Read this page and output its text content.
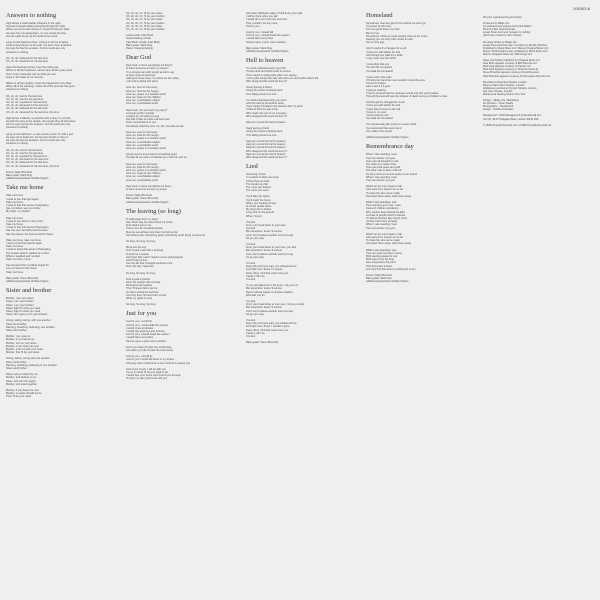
209303-6
Answers to nothing
High above a rollercoaster whispers in the night
Sounds of people talking sleeping through the night
Where we go we don't know, if I could I'd hold you back
He sees the sun going down, no one knows the time
Into the night we go as the world turns round
Lying on the bathroom floor, nothing to do but sit alone
Look at the pictures on the wall, I've seen them all before
He says he has the answers, but his words are only
Answers to nothing
Oh, oh, oh, believed for the last time
Oh, oh, oh, deserted for the last time
Hear the drowned sorrow, hear the rolling sea
Where is all the loneliness, where have all the years gone
Over in the crossroad, tell me what you see
Gone in the heart of our memory
Where is all the laughter, what has happened to the days
When all of the warnings, where all of the promise has gone
Answers to nothing
Oh, oh, oh, tied for the last time
Oh, oh, oh, tried for the last time
Oh, oh, oh, rejected for the last time
Oh, oh, oh, deceived for the last time
Oh, oh, oh, believed for the last time
Oh, oh, oh, deserted for the last time, this time
High above a hillside, a preacher tells a story to a crowd
He tells his story to the people, the people they all bow down
And he says he has the answers, but his words are only
Answers to nothing
Lying on the bathroom, a man comes on the TV with a gun
He says we're believers, but he lives his life on the run
He says he has the answers, but his words are only
Answers to nothing
Oh, oh, oh, tied for the last time
Oh, oh, oh, tried for the last time
Oh, oh, oh, rejected for the last time
Oh, oh, oh, deceived for the last time
Oh, oh, oh, believed for the last time
Oh, oh, oh, deserted for the last time, this time
Drums: Mark Brzezicki
Bass guitar: Mark King
Additional keyboards: Robbie Kilgore
Take me home
Take me home
I need to see that light again
Take me home
I need to feel that sense of belonging
See my father, see my mother
My sister, my brother
Take me home
I need to see where I came from
Take me home
I need to feel that sense of belonging
See the sea, the fields and the trees
See the places, the streets and the faces
Take me home, take me home
I want to feel that warmth again
Take me home
I need to know that sense of belonging
The streets where I walked as a child
Where I laughed and I smiled
Take me home, home
See the land that my father fought for
Let my head on their chest
Take me home
Bass guitar: Steve Brzezicki
Additional keyboards: Robbie Kilgore
Sister and brother
Brother, I am your sister
Sister, I am your brother
Sister, I am your brother
Sister, fight for what you need
Sister, fight for what you need
Sister, don't give up on your dreams
Giving, taking, loving, with one another
Sister and brother
Dancing, breathing, believing, one another
Sister and brother
Brother, I am open to
Brother, on a road we go
Brother, turn on your sister
Brother, if you need me near
Brother, trust me with your heart
Brother, that I'll be your sister
Giving, taking, loving with one another
Sister and brother
Dancing, breathing, believing in one another
Sister and brother
Sister, will you stand by me
Brother, and believe in me
Sister, let's turn the pages
Brother, let's learn together
Brother, if you leave me now
Brother, no place should we be
Then I'll be your sister
Oh, oh, oh, oh, I'll be your sister
Oh, oh, oh, oh, I'll be your brother
Oh, oh, oh, oh, I'll be your sister
Oh, oh, oh, oh, I'll be your brother
Oh, oh, oh, oh, I'll be your sister
Oh, oh, oh, oh, I'll be your brother
Lead vocals: Kate Bush
Guest backing vocals:
Kate Bush Vocals: Kate Bush
Bass guitar: Mark King
Piano: Craig Armstrong
Dear God
Dear God, is there somebody out there?
Is there someone to hear my prayer?
I'm a simple man with simple words to say
Is there anyone listening?
Asking for some hope, on where we are today
Lost and troubled and alone
Give me, love for the lonely
Give me, food for the hungry
Give me, peace in a restless world
Give me, hope for the children
Give me, a worldwide religion
Give me, a worldwide world
Dear God, can you hear my prayer?
A simple world in trouble
Looking for something to say
Not that I'd like to know if all were true
That I could believe in you
Somebody watching over me, the man that we are
Give me, love for the lonely
Give me, food for the hungry
Give me, peace in a restless world
Give me, a worldwide religion
Give me, a worldwide world
Give me, peace in a restless world
All we need to know there's something good
Though all our years of solitude go on and on and on
Give me, love for the lonely
Give me, food for the hungry
Give me, peace in a restless world
Give me, hope for the children
Give me, a worldwide religion
Give me, a worldwide world
Dear God, is there somebody out there,
Is there someone to hear my prayer
Drums: Mark Brzezicki
Bass guitar: Steve Brzezicki
Additional keyboards: Robbie Kilgore
The leaving (so long)
I'll walk away from my heart
See which way the wind blows my future
Find what's lost to me
There must be something better
Must be something more than I've held so far
Something new, something good, something worth being out here for
So long, So long, So long
Move into the city
Find myself a job with a purpose
I'll work for a reason
And hope that I won't need to serve well wrapped
And I'll start to live
Live the life that I thought would be mine
From the day I was born
So long, So long, So long
Find myself a partner
Form the partner with a family
We'll grow old together
Then I'll know that it can be
Or that it should be and then
And only then I'll know that I've lost
What my rights is mine
So long, So long, So long
Just for you
Just for you, I could fly
Just for you, I could walk the oceans
I would cross all divides
I would pay all prices and tortures
Just for you, I would break the system
I would take every blow
Survive upon a poor man's wisdom
And if you want I'll close the world away
And when you die I'll take the tears away
Just for you, I would fly
Just for you I would fall down to my knees
And pray that I could come a love that's lit to please you
And if your lonely, I will be with you
If your in doubt I'll tell you what to do
I would fear your honor and I'll lend you through
I'll carry my rainy bed to be with you
And when disillusion takes I'll still be by your side
I will be there when you fall
I would do it over and over and over
That I couldn't do any more
Just for you
Just for you, I would fall
Just for you, I would break the system
I would take every blow
Survive upon a poor man's wisdom
Bass guitar: Mark King
Additional keyboards: Robbie Kilgore
Hell to heaven
If I could understand who you hold
Throws stick and which feels to survive
Then maybe I could justify what I am seeing
I can't quite accept the way who have so much while others die
Who designed this world we live in?
Good grieving a friend
Giving the world a helping hand
If it's falling around us now
If I could understand why you won't
Lifts his hand to let another down
Then maybe I'd believe the reasons that I'm given
I'd like to think it's just a line
Who made the rest of our company
Who designed this world we live in?
Help turn round this hell to heaven
Need giving a friend
Giving the world a helping hand
If it's falling around us now
Help turn round this hell to heaven
Help turn round this hell to heaven
Help turn round this hell to heaven
Who designed this world we live in?
Help turn round this hell to heaven
Who designed this world we live in?
Lied
One thing I know
I'm scared of what you need
I'd feel that you hold
The harder you fall
The more you believe
The more you need
You'll take the nights
You'll touch the hours
When your feeling of hope
Is turned upside down
My hope lies in letters
Long cold on the ground
When I found
You lied
From your head down to your toes
You lied
But somehow I know I'll survive
And I won't believe another word you say
So go your way
You lied
From your head down to your toes, you lied
But somehow I know I'll survive
And I won't believe another word you say
So go your way
You lied
Every lilly word you said, you whispered low
And right now I know, I'm guess
Every thing I find that came from you
Cause I can't be
You lied
To you we talked we in the eyes, I say you no
But somehow I know I'll survive
Never nothing makes to another shadow
Who lied you for
You lied
From your head down to your toes, I know you lied
But somehow I know I'll survive
And I won't believe another word you say
So go your way
You lied
Every lilly word you said, you whispered low
And right now I know, I wonder's gone
Every thing I find that came from you
Cause I can't be
You lied
Bass guitar: Steve Brzezicki
Homeland
Sometimes I feel the ghost from behind me won't go
You know by this time
For it be good bless my mind
But it's true
Sometimes I think you start singing clear as the notes
Hearing you not sorry that I knew so well
Not so long ago
And if maybe it's changes for us all
I know you will shelter far and
And though you walk for a while
I may never see the world
I remember that you
You feel the homeland
You walk the homeland
I know when this ends
I'd hold your hand the neon wouldn't cloud the eyes
I'd cover it before
Like a storm if it goes
It was so sublime
I tried to pretend that the madness would end and you'd realise
That all that was left was the whisper of death and your children's cries
And though it's changed for us all
I know you will shelter far and
I hope that I'll come to the call
I know in my soul
I know what we can
You walk the homeland
You stayed away like snow on a warm hand
You welcomed that warm hand
You made it too sound
Additional keyboards: Robbie Kilgore
Remembrance day
When I was standing I saw
Two men before my eyes
One man all dressed in truth
The other in a cloak of lies
One man held grace and gold
The other was a storm and red
So they came to me and spoke to our hearts
When I was standing I saw
Two men before my eyes
Watch as the men began to fall
Like tears from heaven on us all
To clean the sins we've made
And wash them away, wash them away
While I was standing I saw
Two countries go to war, I saw
Faces of children wondering
Why would I keep having the fight
A crowd of people stood in silence
On Remembrance Day they'd cried
As they blew them all away
When I was standing I saw
Two men before my eyes
Watch as the men began to fall
Like tears from heaven on us all
To clean the sins we've made
And wash them away, wash them away
While I was standing I saw
Two men with one foot in stone
Both wanting peace for war
Both want to be the king
How long before they find
That they have a heart
And they find that there's nothing left to win
Drums: Mark Brzezicki
Bass guitar: Mick Karn
Additional keyboards: Robbie Kilgore
All lyrics reproduced by permission.
Produced by Midge Ure
Co-produced and engineered by Rik Walton
Mixed by Bob Clearmountain
except 'Dear God' and 'Answers to nothing'
which were mixed by John Hudson
All songs written by Midge Ure,
except 'Remembrance day' co-written by Dorothy Mitchell
Published by Mood Music Ltd / Warner Chappell Music Ltd
Except 'Remembrance day' published by Mood Music Ltd /
Warner Chappell Music Ltd / BMI Songs Ltd
Sister and brother published by Chappell Music Ltd
Kate Bush appears courtesy of EMI Records Ltd
Mark King appears courtesy of Polydor Ltd
Mick Karn appears courtesy of Virgin Records Ltd
Steve Brzezicki appears courtesy of Gold Records
Mark Brzezicki appears courtesy of Phonogram Records Ltd
Recorded at Musicfest Studios, London
Mixed at Sarm West Studios, London
Additional recording at Olympic Studios, London
and 'Geo' Studios, London
Mastered at Sterling Sound, New York
Design – Midge Ure / Mainartery
Art direction – Peter Saville
Photography – Sheila Rock
Design – Saville Associates
Management: CMO Management (International) Ltd.
Unit 32, 35-37 Parkgate Road, London SW11 4NP
© 1988 Chrysalis Records Ltd. ℗ 1988 Chrysalis Records Ltd.
